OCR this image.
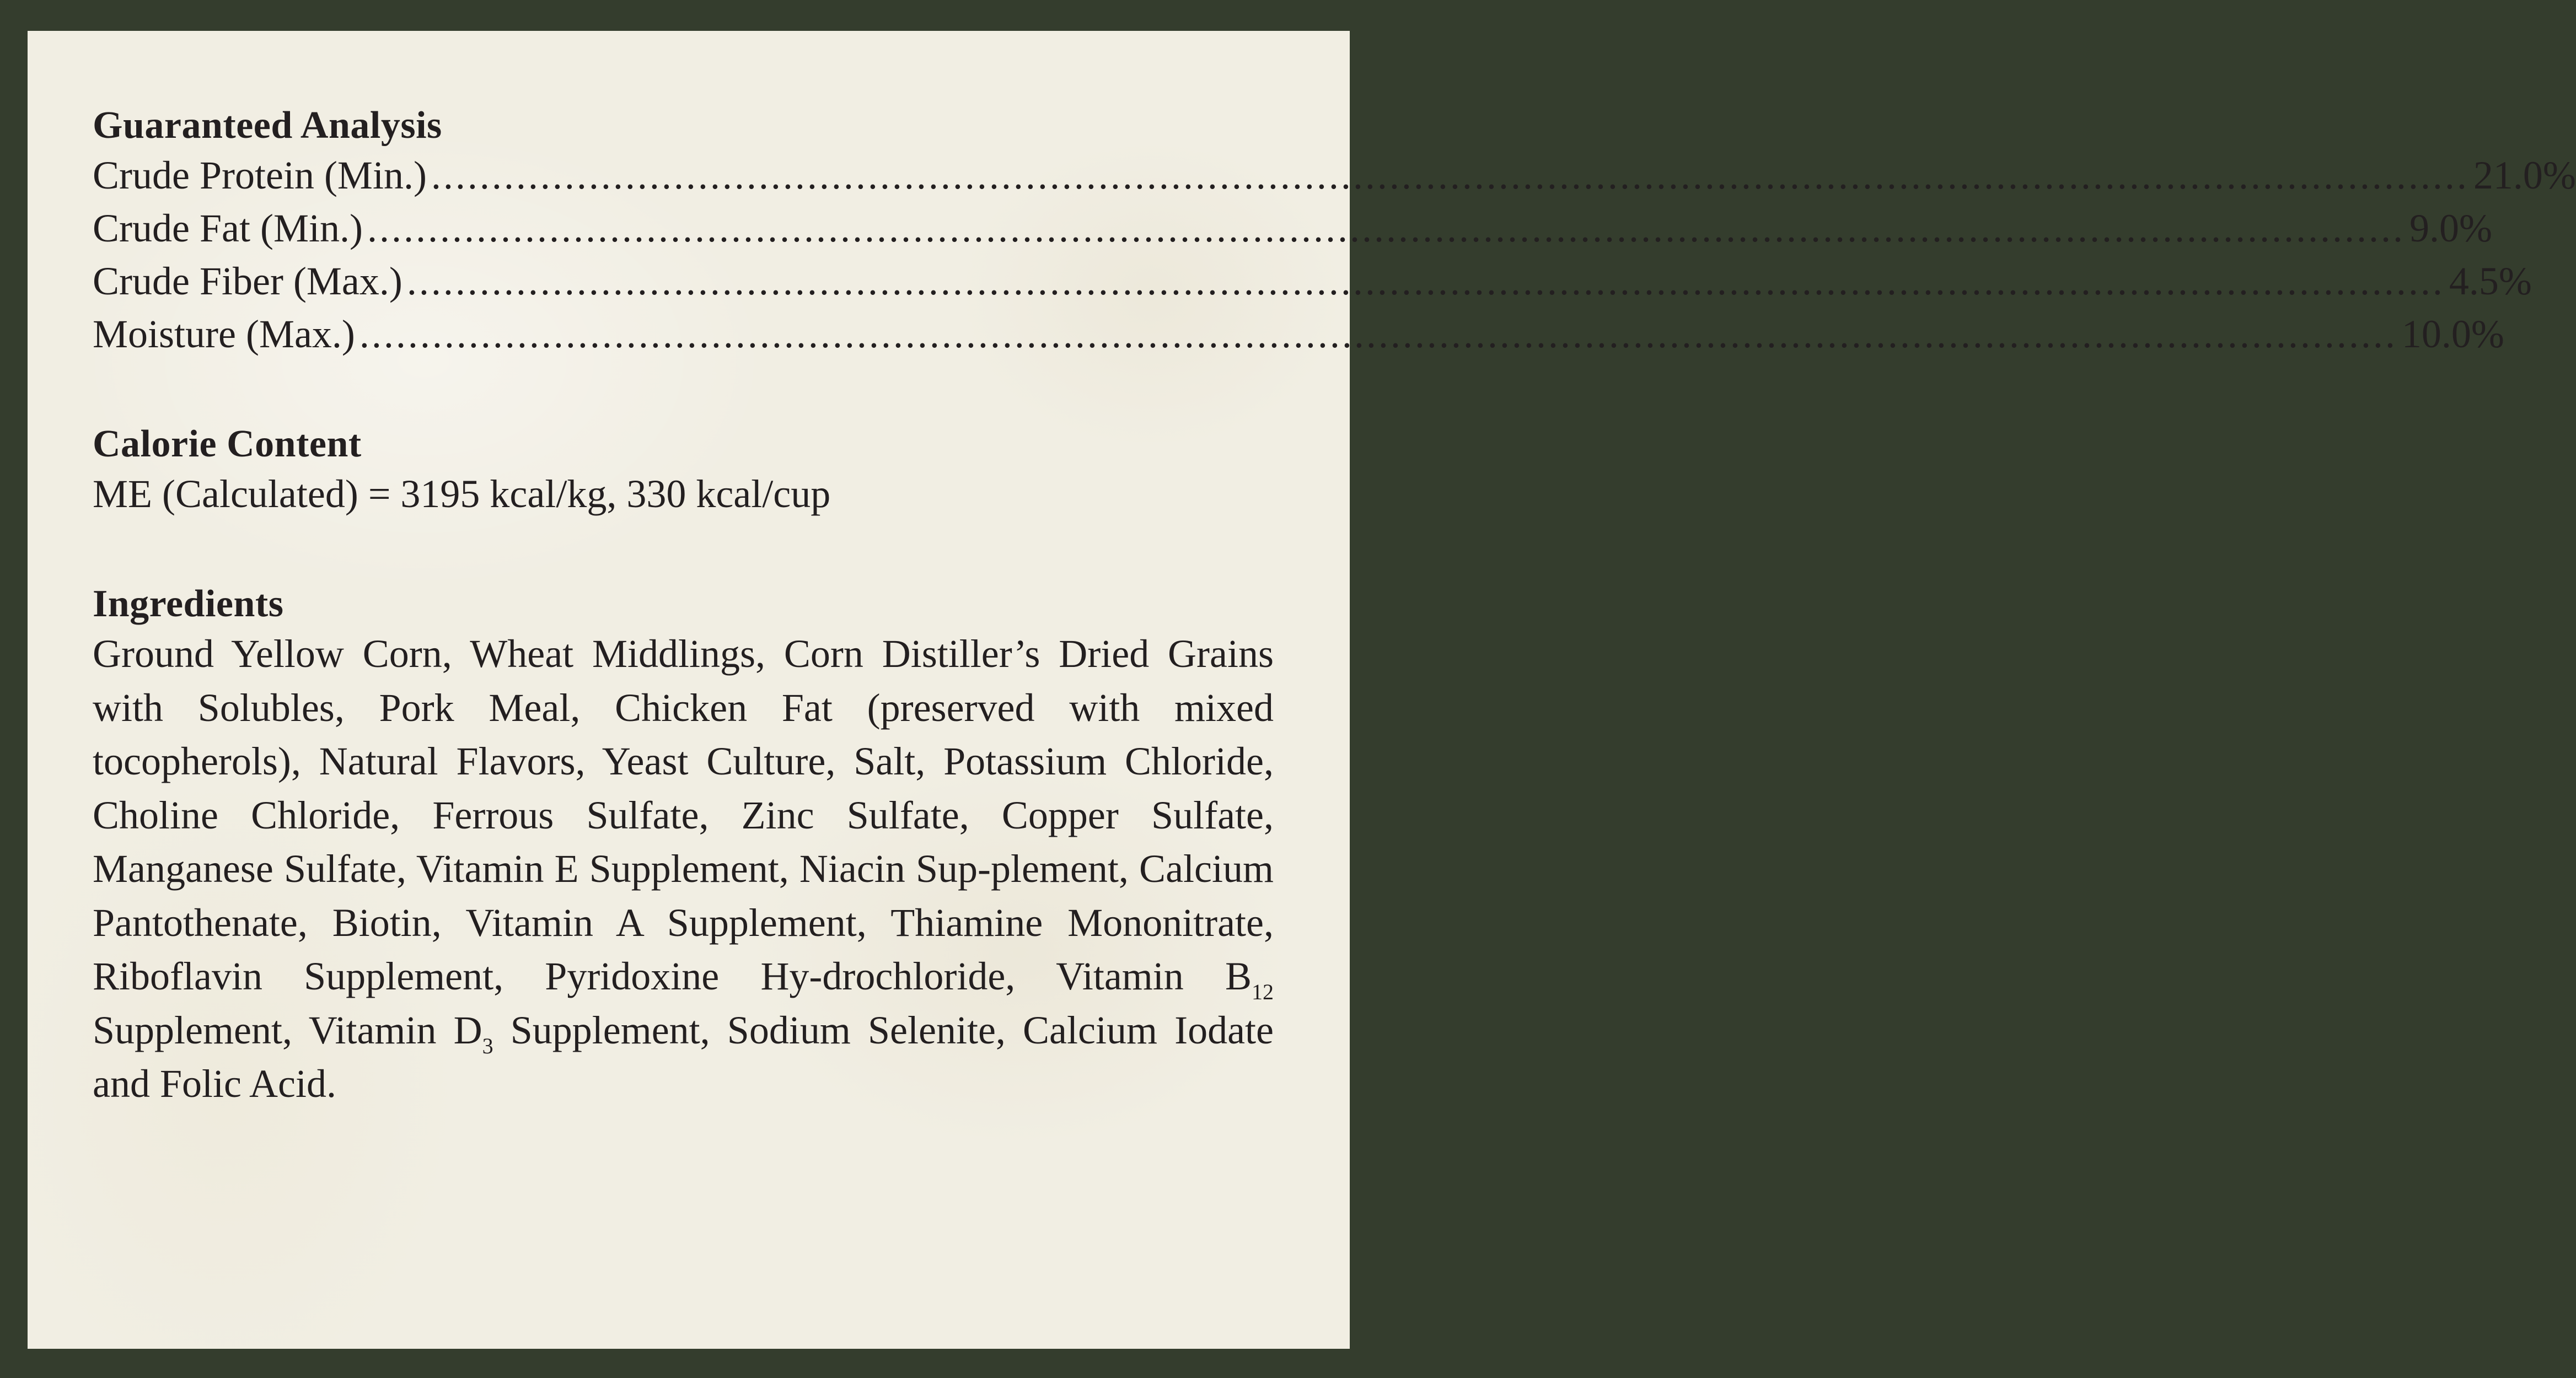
Guaranteed Analysis
Crude Protein (Min.) ........................................................................................................................................................................ 21.0%
Crude Fat (Min.) ........................................................................................................................................................................ 9.0%
Crude Fiber (Max.) ........................................................................................................................................................................ 4.5%
Moisture (Max.) ........................................................................................................................................................................ 10.0%
Calorie Content
ME (Calculated) = 3195 kcal/kg, 330 kcal/cup
Ingredients

Ground Yellow Corn, Wheat Middlings, Corn Distiller’s Dried Grains with Solubles, Pork Meal, Chicken Fat (preserved with mixed tocopherols), Natural Flavors, Yeast Culture, Salt, Potassium Chloride, Choline Chloride, Ferrous Sulfate, Zinc Sulfate, Copper Sulfate, Manganese Sulfate, Vitamin E Supplement, Niacin Sup-plement, Calcium Pantothenate, Biotin, Vitamin A Supplement, Thiamine Mononitrate, Riboflavin Supplement, Pyridoxine Hy-drochloride, Vitamin $B_{12}$ Supplement, Vitamin $D_3$ Supplement, Sodium Selenite, Calcium Iodate and Folic Acid.
